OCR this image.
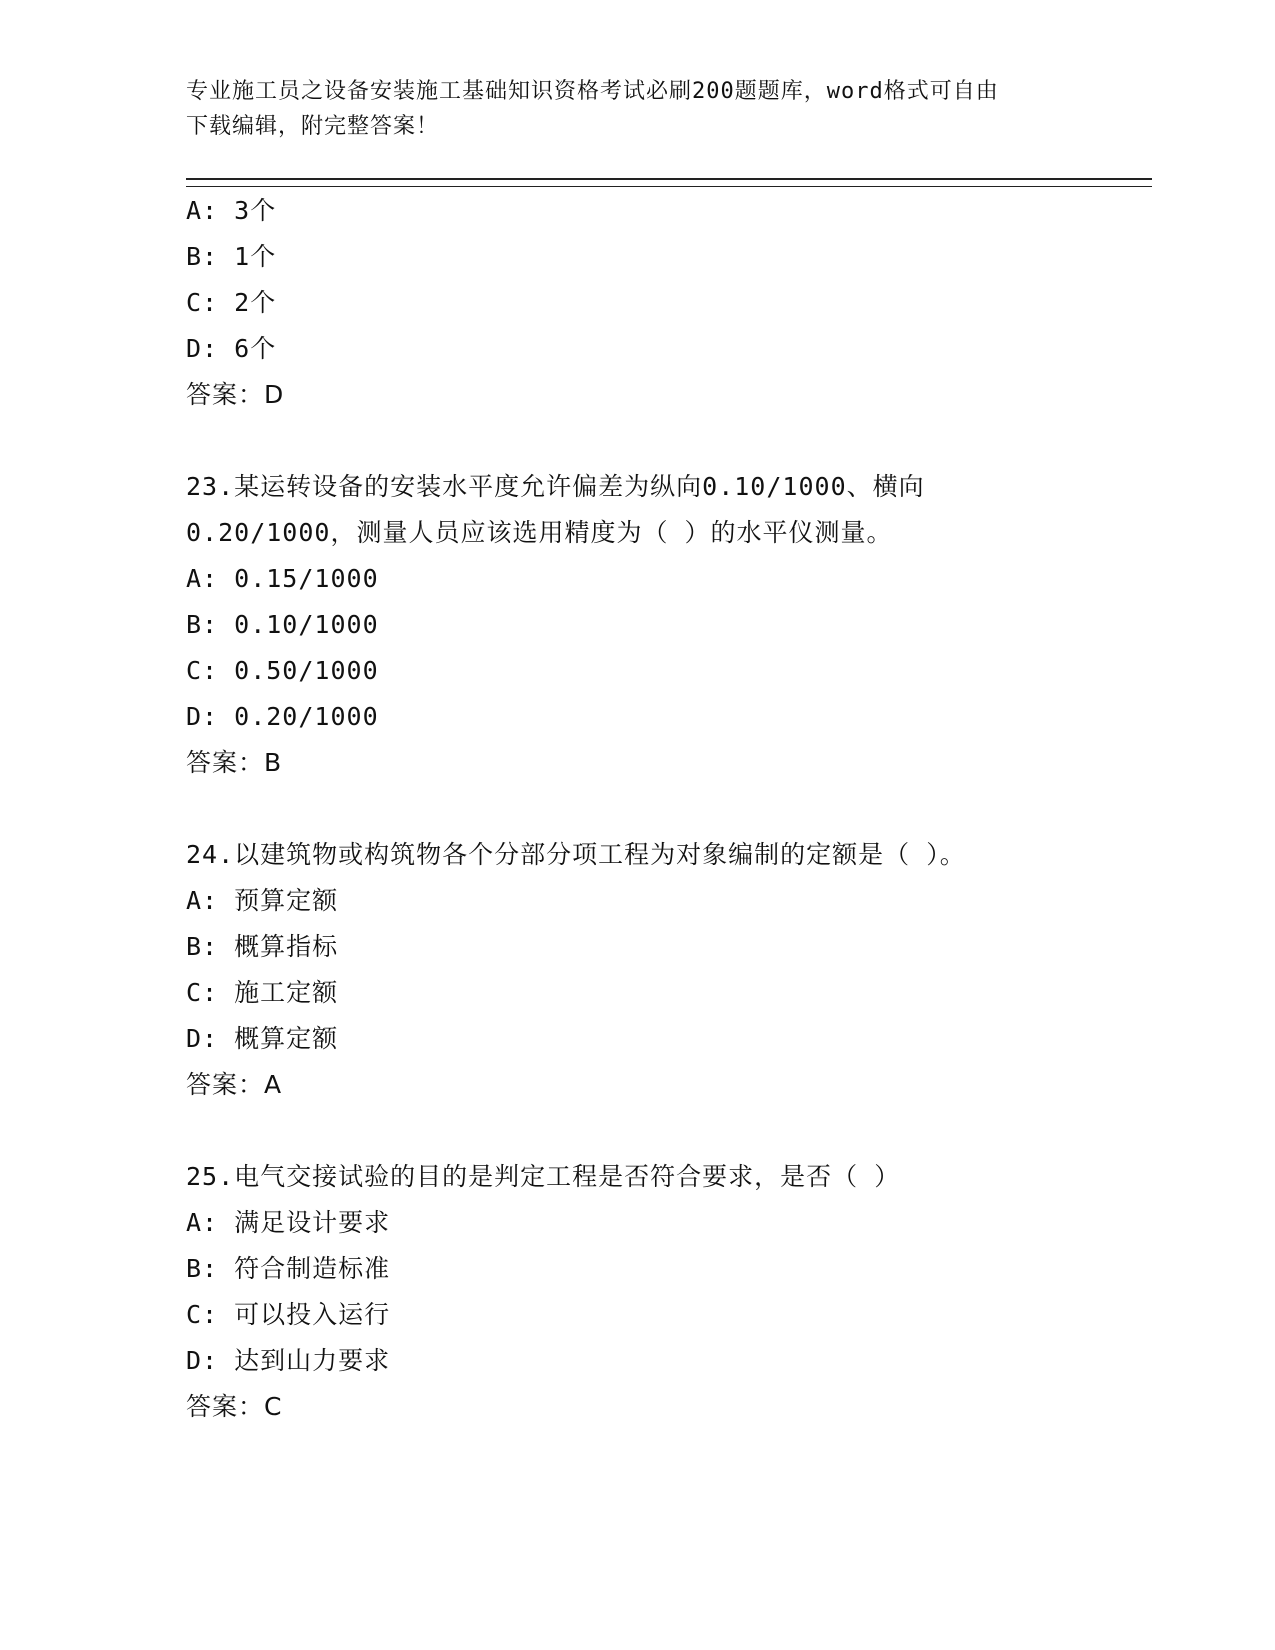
专业施工员之设备安装施工基础知识资格考试必刷200题题库，word格式可自由
下载编辑，附完整答案！
A: 3个
B: 1个
C: 2个
D: 6个
答案：D
23.某运转设备的安装水平度允许偏差为纵向0.10/1000、横向
0.20/1000，测量人员应该选用精度为（ ）的水平仪测量。
A: 0.15/1000
B: 0.10/1000
C: 0.50/1000
D: 0.20/1000
答案：B
24.以建筑物或构筑物各个分部分项工程为对象编制的定额是（ ）。
A: 预算定额
B: 概算指标
C: 施工定额
D: 概算定额
答案：A
25.电气交接试验的目的是判定工程是否符合要求，是否（ ）
A: 满足设计要求
B: 符合制造标准
C: 可以投入运行
D: 达到山力要求
答案：C
